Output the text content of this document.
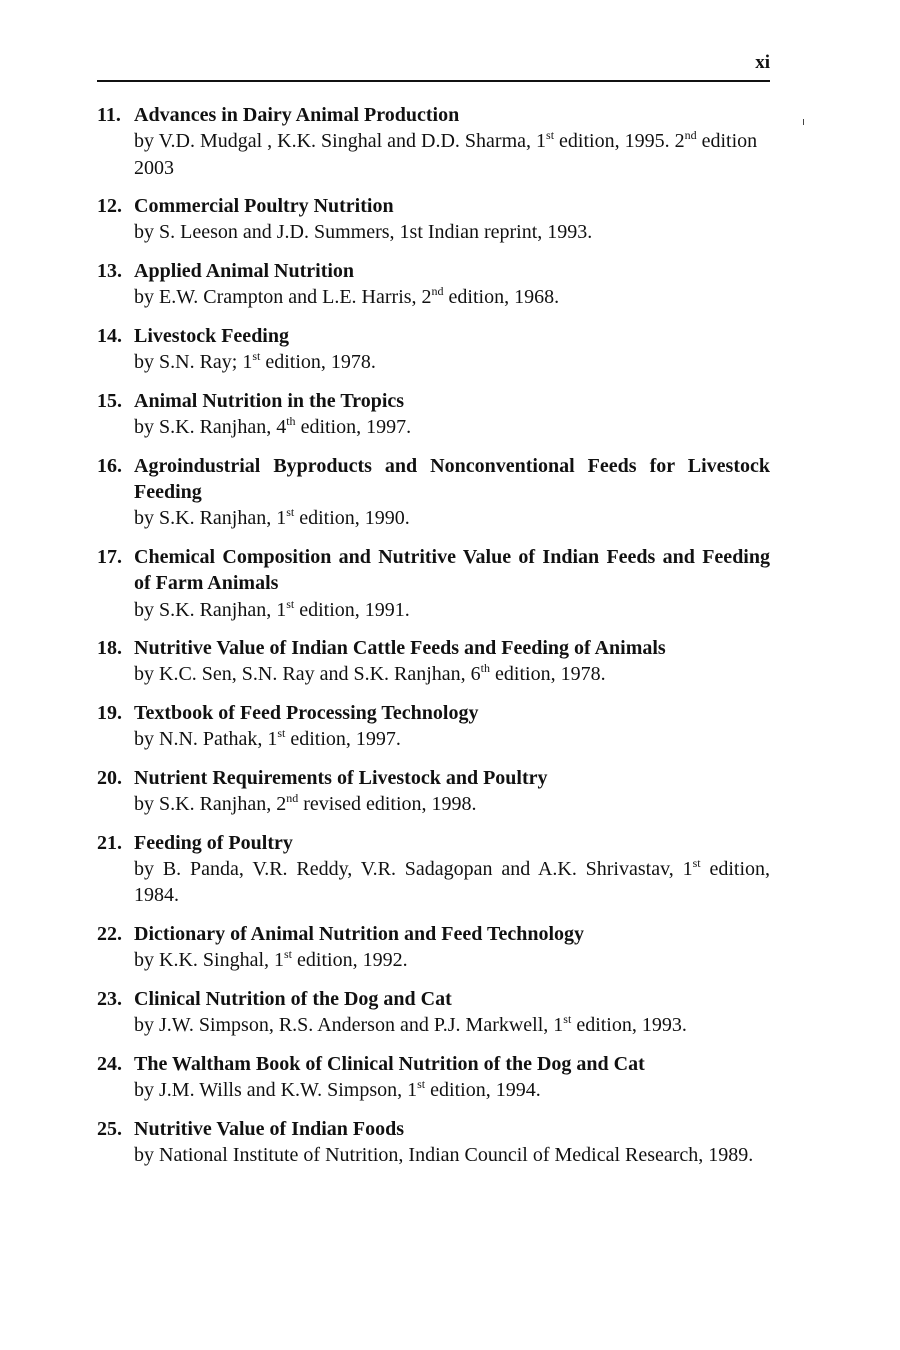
xi
11. Advances in Dairy Animal Production
by V.D. Mudgal , K.K. Singhal and D.D. Sharma, 1st edition, 1995. 2nd edition 2003
12. Commercial Poultry Nutrition
by S. Leeson and J.D. Summers, 1st Indian reprint, 1993.
13. Applied Animal Nutrition
by E.W. Crampton and L.E. Harris, 2nd edition, 1968.
14. Livestock Feeding
by S.N. Ray; 1st edition, 1978.
15. Animal Nutrition in the Tropics
by S.K. Ranjhan, 4th edition, 1997.
16. Agroindustrial Byproducts and Nonconventional Feeds for Livestock Feeding
by S.K. Ranjhan, 1st edition, 1990.
17. Chemical Composition and Nutritive Value of Indian Feeds and Feeding of Farm Animals
by S.K. Ranjhan, 1st edition, 1991.
18. Nutritive Value of Indian Cattle Feeds and Feeding of Animals
by K.C. Sen, S.N. Ray and S.K. Ranjhan, 6th edition, 1978.
19. Textbook of Feed Processing Technology
by N.N. Pathak, 1st edition, 1997.
20. Nutrient Requirements of Livestock and Poultry
by S.K. Ranjhan, 2nd revised edition, 1998.
21. Feeding of Poultry
by B. Panda, V.R. Reddy, V.R. Sadagopan and A.K. Shrivastav, 1st edition, 1984.
22. Dictionary of Animal Nutrition and Feed Technology
by K.K. Singhal, 1st edition, 1992.
23. Clinical Nutrition of the Dog and Cat
by J.W. Simpson, R.S. Anderson and P.J. Markwell, 1st edition, 1993.
24. The Waltham Book of Clinical Nutrition of the Dog and Cat
by J.M. Wills and K.W. Simpson, 1st edition, 1994.
25. Nutritive Value of Indian Foods
by National Institute of Nutrition, Indian Council of Medical Research, 1989.
